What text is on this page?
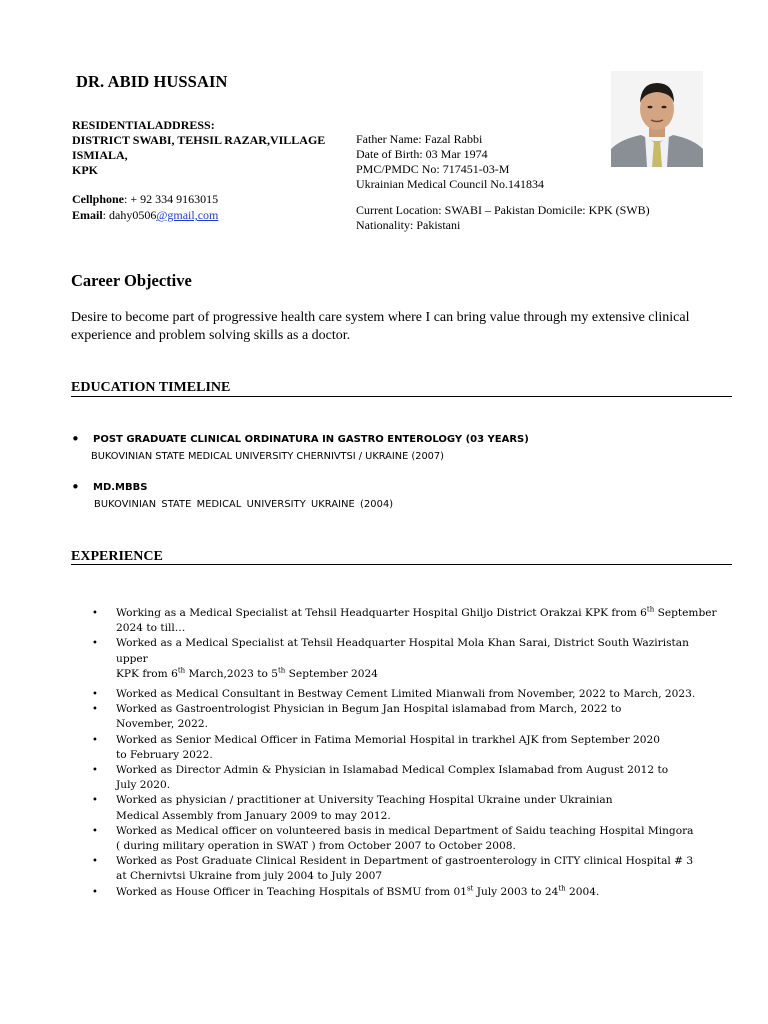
DR. ABID HUSSAIN
RESIDENTIALADDRESS:
DISTRICT SWABI, TEHSIL RAZAR,VILLAGE
ISMIALA,
KPK
Cellphone: + 92 334 9163015
Email: dahy0506@gmail,com
Father Name: Fazal Rabbi
Date of Birth: 03 Mar 1974
PMC/PMDC No: 717451-03-M
Ukrainian Medical Council No.141834
Current Location: SWABI – Pakistan Domicile: KPK (SWB)
Nationality: Pakistani
Career Objective
Desire to become part of progressive health care system where I can bring value through my extensive clinical experience and problem solving skills as a doctor.
EDUCATION TIMELINE
• POST GRADUATE CLINICAL ORDINATURA IN GASTRO ENTEROLOGY (03 YEARS)
BUKOVINIAN STATE MEDICAL UNIVERSITY CHERNIVTSI / UKRAINE (2007)
• MD.MBBS
BUKOVINIAN STATE MEDICAL UNIVERSITY UKRAINE (2004)
EXPERIENCE
• Working as a Medical Specialist at Tehsil Headquarter Hospital Ghiljo District Orakzai KPK from 6th September
2024 to till…
• Worked as a Medical Specialist at Tehsil Headquarter Hospital Mola Khan Sarai, District South Waziristan upper
KPK from 6th March,2023 to 5th September 2024
• Worked as Medical Consultant in Bestway Cement Limited Mianwali from November, 2022 to March, 2023.
• Worked as Gastroentrologist Physician in Begum Jan Hospital islamabad from March, 2022 to
November, 2022.
• Worked as Senior Medical Officer in Fatima Memorial Hospital in trarkhel AJK from September 2020
to February 2022.
• Worked as Director Admin & Physician in Islamabad Medical Complex Islamabad from August 2012 to
July 2020.
• Worked as physician / practitioner at University Teaching Hospital Ukraine under Ukrainian
Medical Assembly from January 2009 to may 2012.
• Worked as Medical officer on volunteered basis in medical Department of Saidu teaching Hospital Mingora
( during military operation in SWAT ) from October 2007 to October 2008.
• Worked as Post Graduate Clinical Resident in Department of gastroenterology in CITY clinical Hospital # 3
at Chernivtsi Ukraine from july 2004 to July 2007
• Worked as House Officer in Teaching Hospitals of BSMU from 01st July 2003 to 24th 2004.
